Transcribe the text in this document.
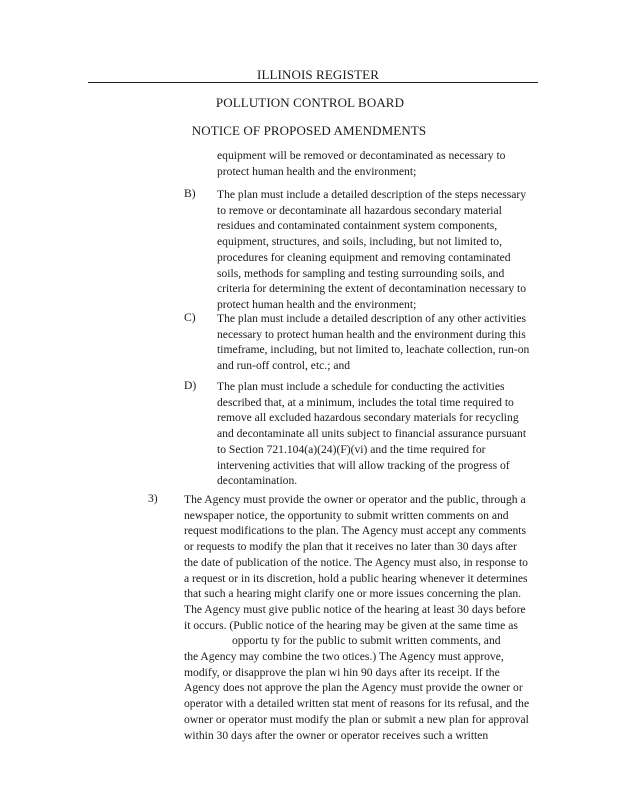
ILLINOIS REGISTER
POLLUTION CONTROL BOARD
NOTICE OF PROPOSED AMENDMENTS
equipment will be removed or decontaminated as necessary to
protect human health and the environment;
B) The plan must include a detailed description of the steps necessary
to remove or decontaminate all hazardous secondary material
residues and contaminated containment system components,
equipment, structures, and soils, including, but not limited to,
procedures for cleaning equipment and removing contaminated
soils, methods for sampling and testing surrounding soils, and
criteria for determining the extent of decontamination necessary to
protect human health and the environment;
C) The plan must include a detailed description of any other activities
necessary to protect human health and the environment during this
timeframe, including, but not limited to, leachate collection, run-on
and run-off control, etc.; and
D) The plan must include a schedule for conducting the activities
described that, at a minimum, includes the total time required to
remove all excluded hazardous secondary materials for recycling
and decontaminate all units subject to financial assurance pursuant
to Section 721.104(a)(24)(F)(vi) and the time required for
intervening activities that will allow tracking of the progress of
decontamination.
3) The Agency must provide the owner or operator and the public, through a
newspaper notice, the opportunity to submit written comments on and
request modifications to the plan. The Agency must accept any comments
or requests to modify the plan that it receives no later than 30 days after
the date of publication of the notice. The Agency must also, in response to
a request or in its discretion, hold a public hearing whenever it determines
that such a hearing might clarify one or more issues concerning the plan.
The Agency must give public notice of the hearing at least 30 days before
it occurs. (Public notice of the hearing may be given at the same time as
opportu ty for the public to submit written comments, and
the Agency may combine the two otices.) The Agency must approve,
modify, or disapprove the plan wi hin 90 days after its receipt. If the
Agency does not approve the plan the Agency must provide the owner or
operator with a detailed written stat ment of reasons for its refusal, and the
owner or operator must modify the plan or submit a new plan for approval
within 30 days after the owner or operator receives such a written
